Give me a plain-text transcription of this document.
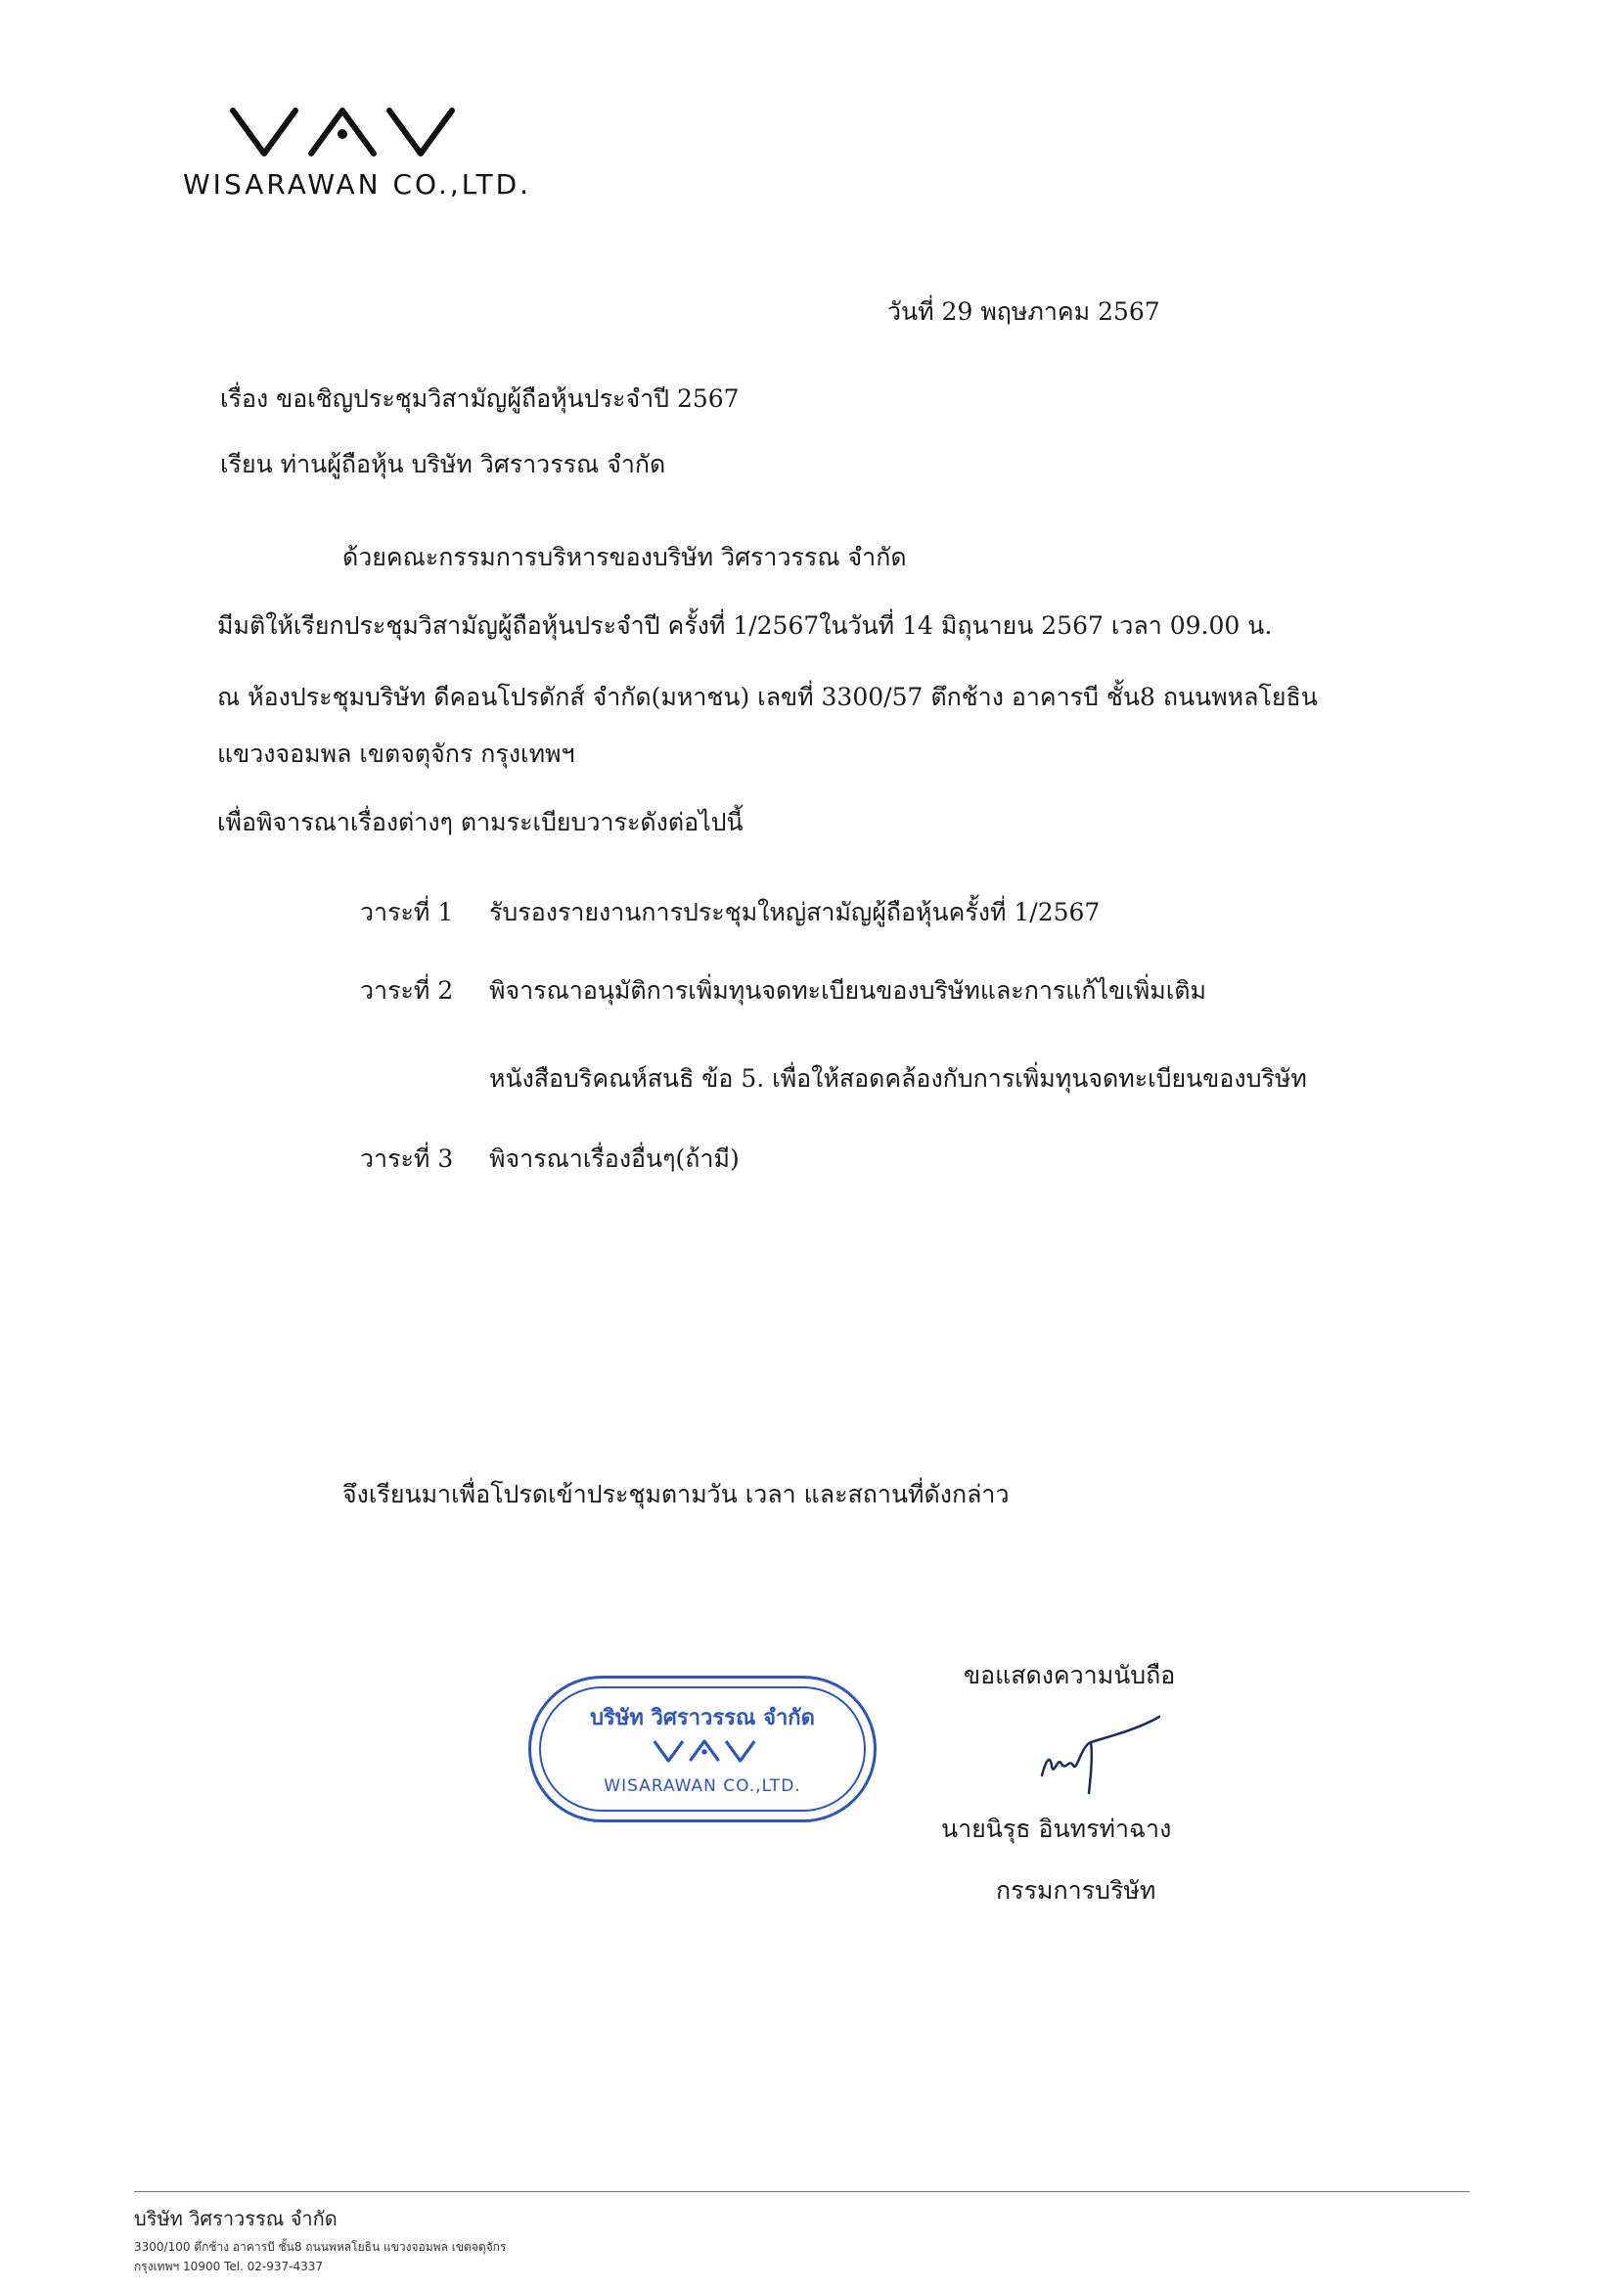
WISARAWAN CO.,LTD.
วันที่ 29 พฤษภาคม 2567
เรื่อง ขอเชิญประชุมวิสามัญผู้ถือหุ้นประจำปี 2567
เรียน ท่านผู้ถือหุ้น บริษัท วิศราวรรณ จำกัด
ด้วยคณะกรรมการบริหารของบริษัท วิศราวรรณ จำกัด
มีมติให้เรียกประชุมวิสามัญผู้ถือหุ้นประจำปี ครั้งที่ 1/2567ในวันที่ 14 มิถุนายน 2567 เวลา 09.00 น.
ณ ห้องประชุมบริษัท ดีคอนโปรดักส์ จำกัด(มหาชน) เลขที่ 3300/57 ตึกช้าง อาคารบี ชั้น8 ถนนพหลโยธิน
แขวงจอมพล เขตจตุจักร กรุงเทพฯ
เพื่อพิจารณาเรื่องต่างๆ ตามระเบียบวาระดังต่อไปนี้
วาระที่ 1 รับรองรายงานการประชุมใหญ่สามัญผู้ถือหุ้นครั้งที่ 1/2567
วาระที่ 2 พิจารณาอนุมัติการเพิ่มทุนจดทะเบียนของบริษัทและการแก้ไขเพิ่มเติม
หนังสือบริคณห์สนธิ ข้อ 5. เพื่อให้สอดคล้องกับการเพิ่มทุนจดทะเบียนของบริษัท
วาระที่ 3 พิจารณาเรื่องอื่นๆ(ถ้ามี)
จึงเรียนมาเพื่อโปรดเข้าประชุมตามวัน เวลา และสถานที่ดังกล่าว
ขอแสดงความนับถือ
นายนิรุธ อินทรท่าฉาง
กรรมการบริษัท
บริษัท วิศราวรรณ จำกัด
WISARAWAN CO.,LTD.
บริษัท วิศราวรรณ จำกัด
3300/100 ตึกช้าง อาคารบี ชั้น8 ถนนพหลโยธิน แขวงจอมพล เขตจตุจักร
กรุงเทพฯ 10900 Tel. 02-937-4337
